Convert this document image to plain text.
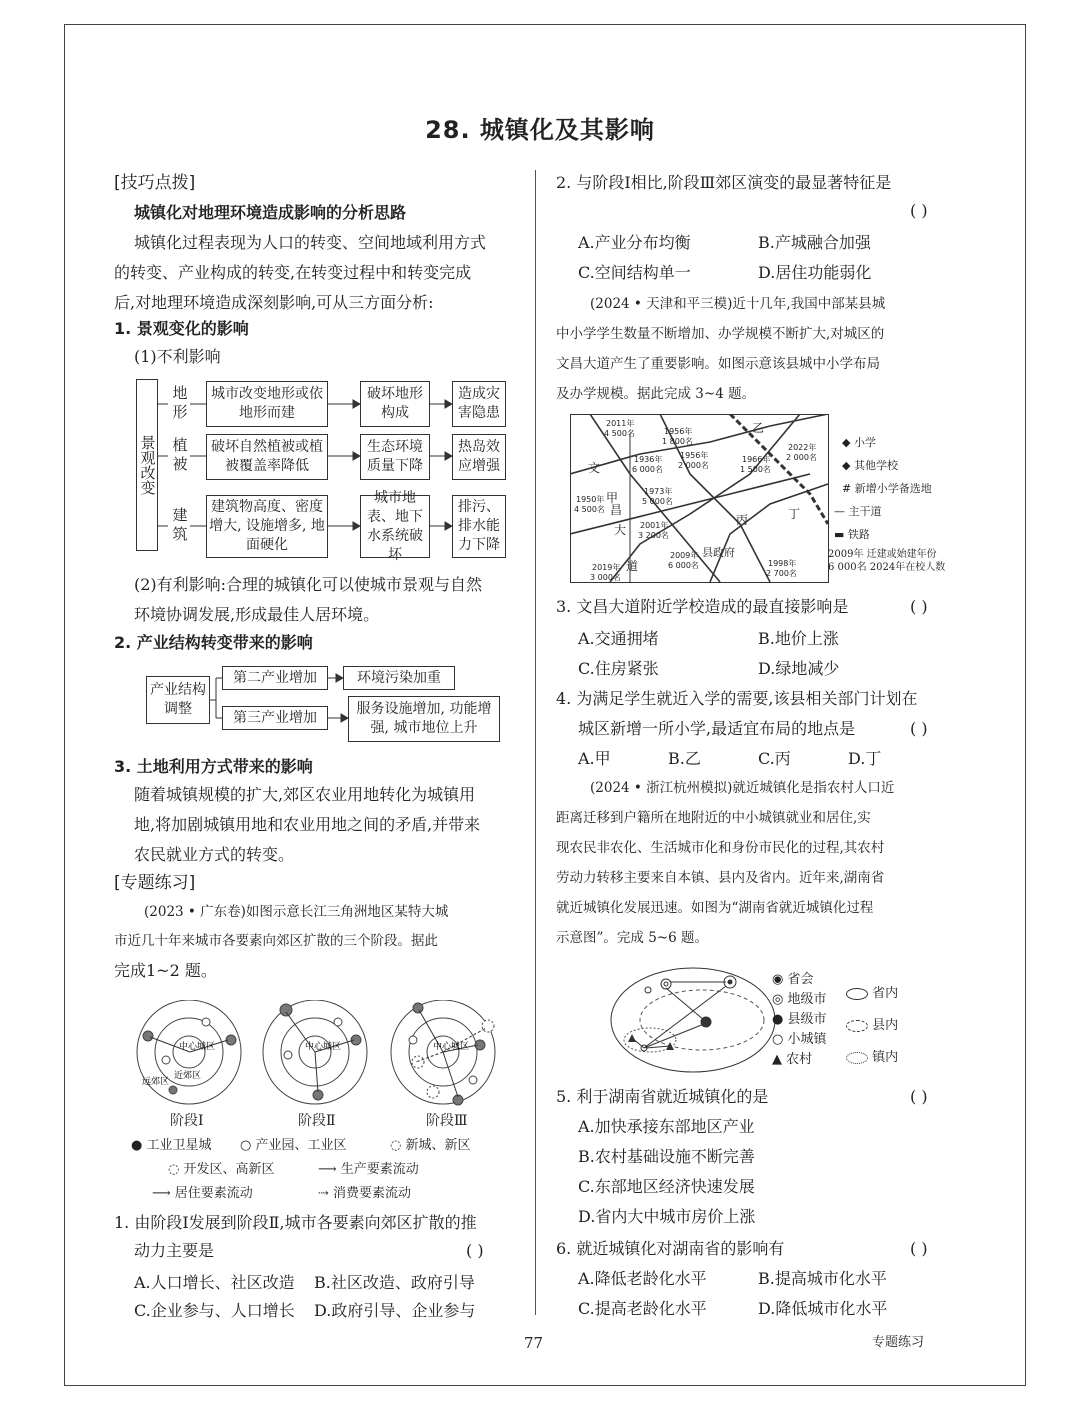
28. 城镇化及其影响
[技巧点拨]
城镇化对地理环境造成影响的分析思路
城镇化过程表现为人口的转变、空间地域利用方式
的转变、产业构成的转变,在转变过程中和转变完成
后,对地理环境造成深刻影响,可从三方面分析:
1. 景观变化的影响
(1)不利影响
景观改变
地形
植被
建筑
城市改变地形或依地形而建
破坏地形构成
造成灾害隐患
破坏自然植被或植被覆盖率降低
生态环境质量下降
热岛效应增强
建筑物高度、密度增大, 设施增多, 地面硬化
城市地表、地下水系统破坏
排污、排水能力下降
(2)有利影响:合理的城镇化可以使城市景观与自然
环境协调发展,形成最佳人居环境。
2. 产业结构转变带来的影响
产业结构调整
第二产业增加	环境污染加重
第三产业增加
服务设施增加, 功能增强, 城市地位上升
3. 土地利用方式带来的影响
随着城镇规模的扩大,郊区农业用地转化为城镇用
地,将加剧城镇用地和农业用地之间的矛盾,并带来
农民就业方式的转变。
[专题练习]
(2023 • 广东卷)如图示意长江三角洲地区某特大城
市近几十年来城市各要素向郊区扩散的三个阶段。据此
完成1~2 题。
中心城区	中心城区	中心城区
近郊区
远郊区
阶段Ⅰ	阶段Ⅱ	阶段Ⅲ
● 工业卫星城 ○ 产业园、工业区	◌ 新城、新区
◌ 开发区、高新区	⟶ 生产要素流动
⟶ 居住要素流动	⇢ 消费要素流动
1. 由阶段Ⅰ发展到阶段Ⅱ,城市各要素向郊区扩散的推
动力主要是	( )
A.人口增长、社区改造 B.社区改造、政府引导
C.企业参与、人口增长 D.政府引导、企业参与
2. 与阶段Ⅰ相比,阶段Ⅲ郊区演变的最显著特征是
( )
A.产业分布均衡	B.产城融合加强
C.空间结构单一	D.居住功能弱化
(2024 • 天津和平三模)近十几年,我国中部某县城
中小学学生数量不断增加、办学规模不断扩大,对城区的
文昌大道产生了重要影响。如图示意该县城中小学布局
及办学规模。据此完成 3~4 题。
2011年
4 500名	1956年
1 800名
1936年
6 000名
1956年
2 000名
1966年
1 500名
2022年
2 000名
1973年
5 000名
1950年
4 500名
2001年
3 200名
2009年
6 000名	1998年
2 700名
2019年
3 000名
乙
甲
丙	丁
县政府
文
昌
大
道
◆ 小学
◆ 其他学校
# 新增小学备选地
— 主干道
▬ 铁路
2009年 迁建或始建年份
6 000名 2024年在校人数
3. 文昌大道附近学校造成的最直接影响是	( )
A.交通拥堵	B.地价上涨
C.住房紧张	D.绿地减少
4. 为满足学生就近入学的需要,该县相关部门计划在
城区新增一所小学,最适宜布局的地点是	( )
A.甲	B.乙	C.丙	D.丁
(2024 • 浙江杭州模拟)就近城镇化是指农村人口近
距离迁移到户籍所在地附近的中小城镇就业和居住,实
现农民非农化、生活城市化和身份市民化的过程,其农村
劳动力转移主要来自本镇、县内及省内。近年来,湖南省
就近城镇化发展迅速。如图为“湖南省就近城镇化过程
示意图”。完成 5~6 题。
◉ 省会
◎ 地级市
● 县级市
○ 小城镇
▲ 农村
省内
县内
镇内
5. 利于湖南省就近城镇化的是	( )
A.加快承接东部地区产业
B.农村基础设施不断完善
C.东部地区经济快速发展
D.省内大中城市房价上涨
6. 就近城镇化对湖南省的影响有	( )
A.降低老龄化水平	B.提高城市化水平
C.提高老龄化水平	D.降低城市化水平
77	专题练习
